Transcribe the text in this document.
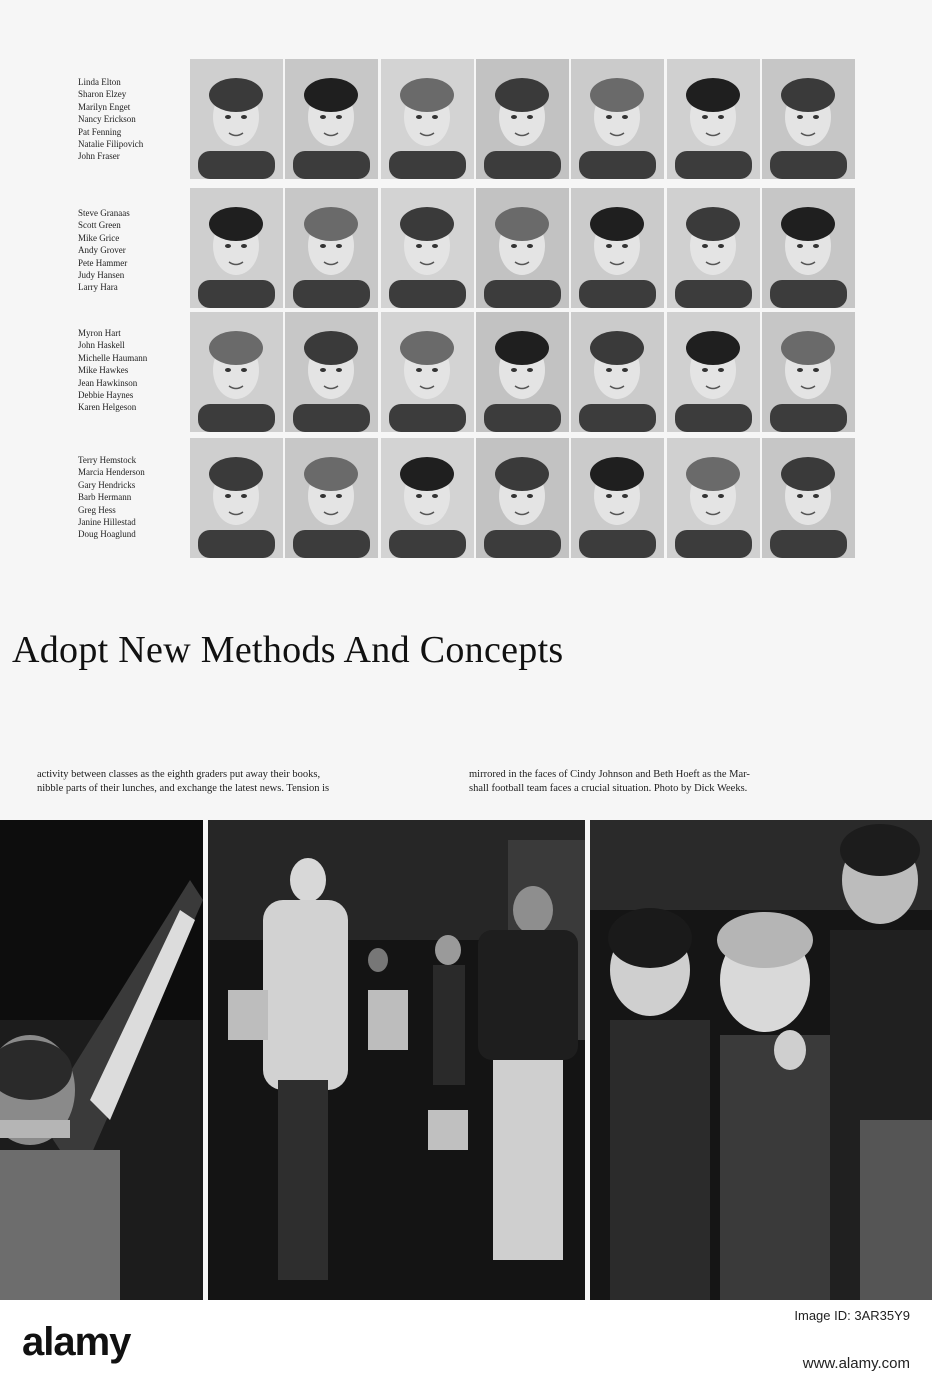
Linda Elton
Sharon Elzey
Marilyn Enget
Nancy Erickson
Pat Fenning
Natalie Filipovich
John Fraser
Steve Granaas
Scott Green
Mike Grice
Andy Grover
Pete Hammer
Judy Hansen
Larry Hara
Myron Hart
John Haskell
Michelle Haumann
Mike Hawkes
Jean Hawkinson
Debbie Haynes
Karen Helgeson
Terry Hemstock
Marcia Henderson
Gary Hendricks
Barb Hermann
Greg Hess
Janine Hillestad
Doug Hoaglund
Adopt New Methods And Concepts
activity between classes as the eighth graders put away their books,
nibble parts of their lunches, and exchange the latest news. Tension is
mirrored in the faces of Cindy Johnson and Beth Hoeft as the Mar-
shall football team faces a crucial situation. Photo by Dick Weeks.
alamy
Image ID: 3AR35Y9
www.alamy.com
